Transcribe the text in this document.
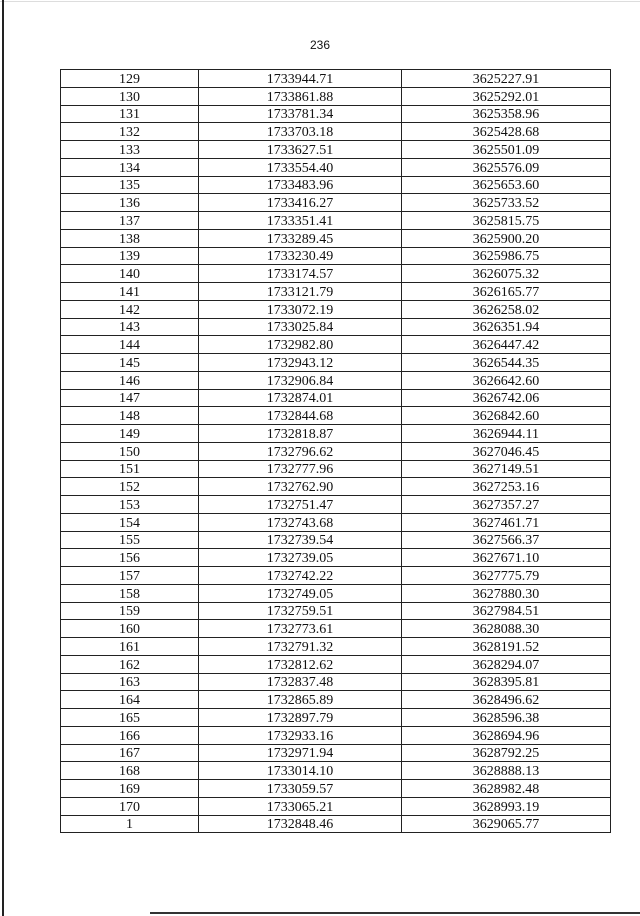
236
129	1733944.71	3625227.91
130	1733861.88	3625292.01
131	1733781.34	3625358.96
132	1733703.18	3625428.68
133	1733627.51	3625501.09
134	1733554.40	3625576.09
135	1733483.96	3625653.60
136	1733416.27	3625733.52
137	1733351.41	3625815.75
138	1733289.45	3625900.20
139	1733230.49	3625986.75
140	1733174.57	3626075.32
141	1733121.79	3626165.77
142	1733072.19	3626258.02
143	1733025.84	3626351.94
144	1732982.80	3626447.42
145	1732943.12	3626544.35
146	1732906.84	3626642.60
147	1732874.01	3626742.06
148	1732844.68	3626842.60
149	1732818.87	3626944.11
150	1732796.62	3627046.45
151	1732777.96	3627149.51
152	1732762.90	3627253.16
153	1732751.47	3627357.27
154	1732743.68	3627461.71
155	1732739.54	3627566.37
156	1732739.05	3627671.10
157	1732742.22	3627775.79
158	1732749.05	3627880.30
159	1732759.51	3627984.51
160	1732773.61	3628088.30
161	1732791.32	3628191.52
162	1732812.62	3628294.07
163	1732837.48	3628395.81
164	1732865.89	3628496.62
165	1732897.79	3628596.38
166	1732933.16	3628694.96
167	1732971.94	3628792.25
168	1733014.10	3628888.13
169	1733059.57	3628982.48
170	1733065.21	3628993.19
1	1732848.46	3629065.77
